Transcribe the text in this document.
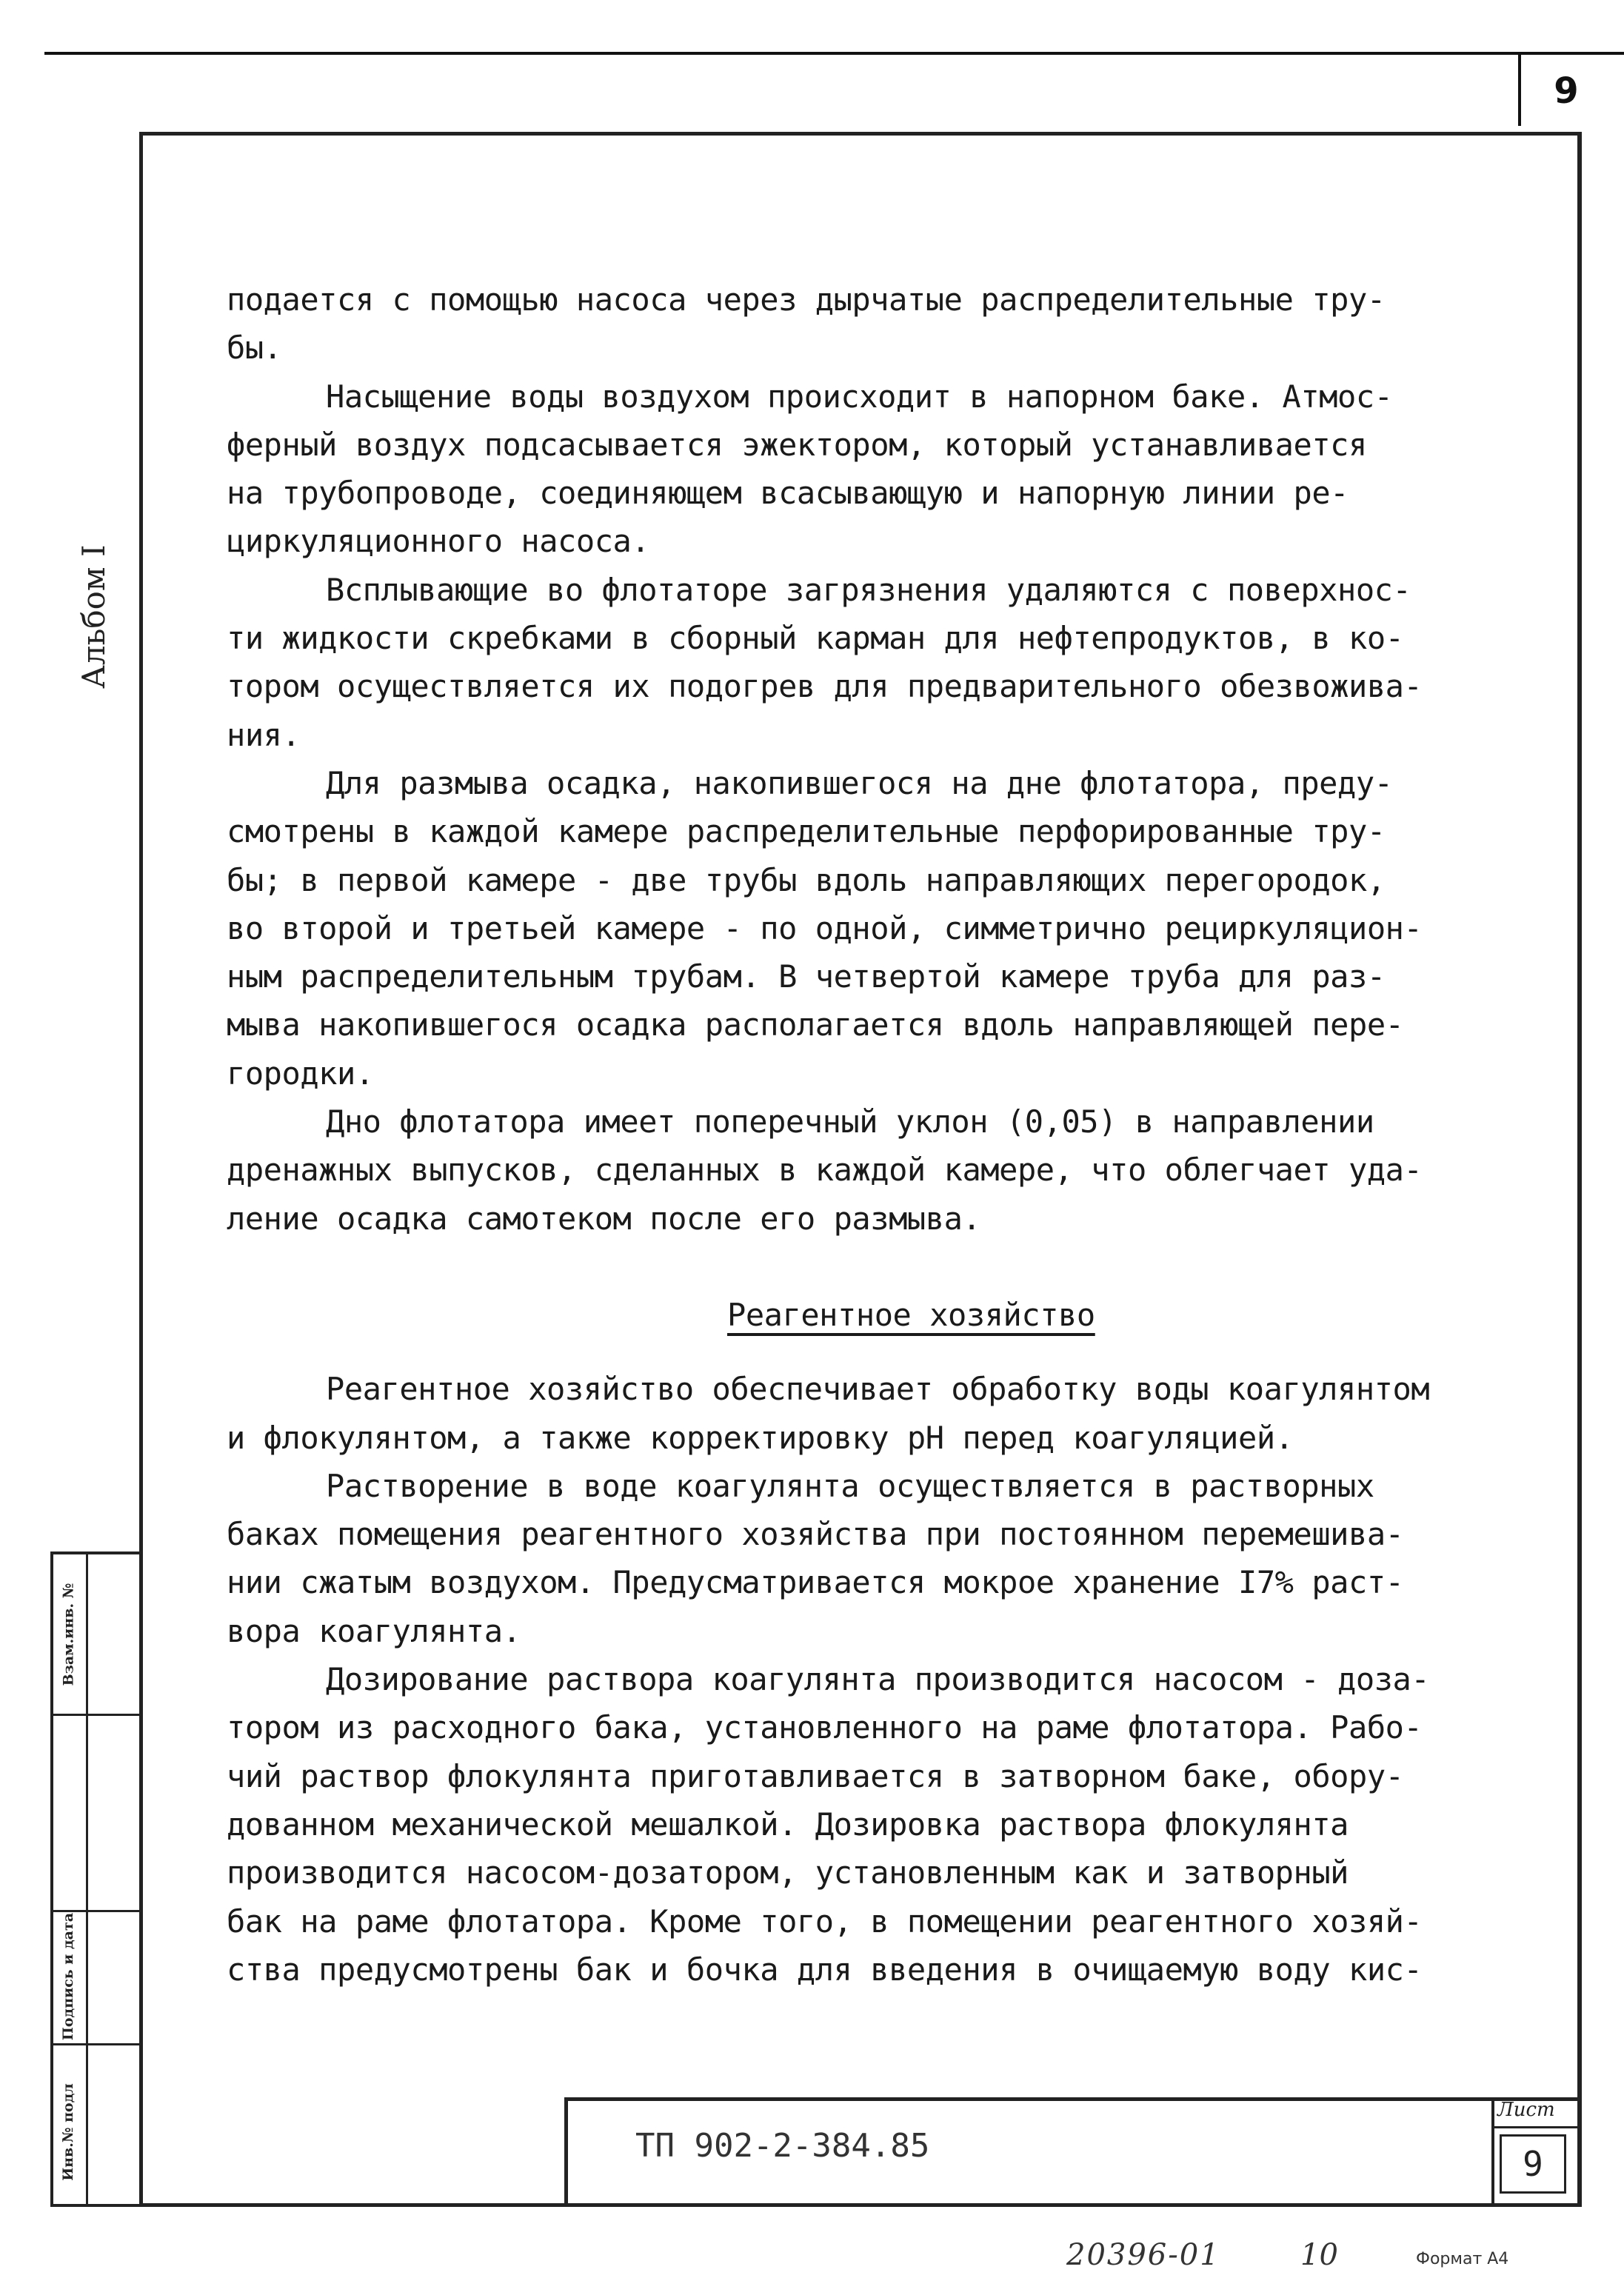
9
Альбом I
Взам.инв. №
Подпись и дата
Инв.№ подл
подается с помощью насоса через дырчатые распределительные тру-
бы.
Насыщение воды воздухом происходит в напорном баке. Атмос-
ферный воздух подсасывается эжектором, который устанавливается
на трубопроводе, соединяющем всасывающую и напорную линии ре-
циркуляционного насоса.
Всплывающие во флотаторе загрязнения удаляются с поверхнос-
ти жидкости скребками в сборный карман для нефтепродуктов, в ко-
тором осуществляется их подогрев для предварительного обезвожива-
ния.
Для размыва осадка, накопившегося на дне флотатора, преду-
смотрены в каждой камере распределительные перфорированные тру-
бы; в первой камере - две трубы вдоль направляющих перегородок,
во второй и третьей камере - по одной, симметрично рециркуляцион-
ным распределительным трубам. В четвертой камере труба для раз-
мыва накопившегося осадка располагается вдоль направляющей пере-
городки.
Дно флотатора имеет поперечный уклон (0,05) в направлении
дренажных выпусков, сделанных в каждой камере, что облегчает уда-
ление осадка самотеком после его размыва.
Реагентное хозяйство
Реагентное хозяйство обеспечивает обработку воды коагулянтом
и флокулянтом, а также корректировку pH перед коагуляцией.
Растворение в воде коагулянта осуществляется в растворных
баках помещения реагентного хозяйства при постоянном перемешива-
нии сжатым воздухом. Предусматривается мокрое хранение I7% раст-
вора коагулянта.
Дозирование раствора коагулянта производится насосом - доза-
тором из расходного бака, установленного на раме флотатора. Рабо-
чий раствор флокулянта приготавливается в затворном баке, обору-
дованном механической мешалкой. Дозировка раствора флокулянта
производится насосом-дозатором, установленным как и затворный
бак на раме флотатора. Кроме того, в помещении реагентного хозяй-
ства предусмотрены бак и бочка для введения в очищаемую воду кис-
ТП 902-2-384.85
Лист
9
20396-01	10	Формат А4
